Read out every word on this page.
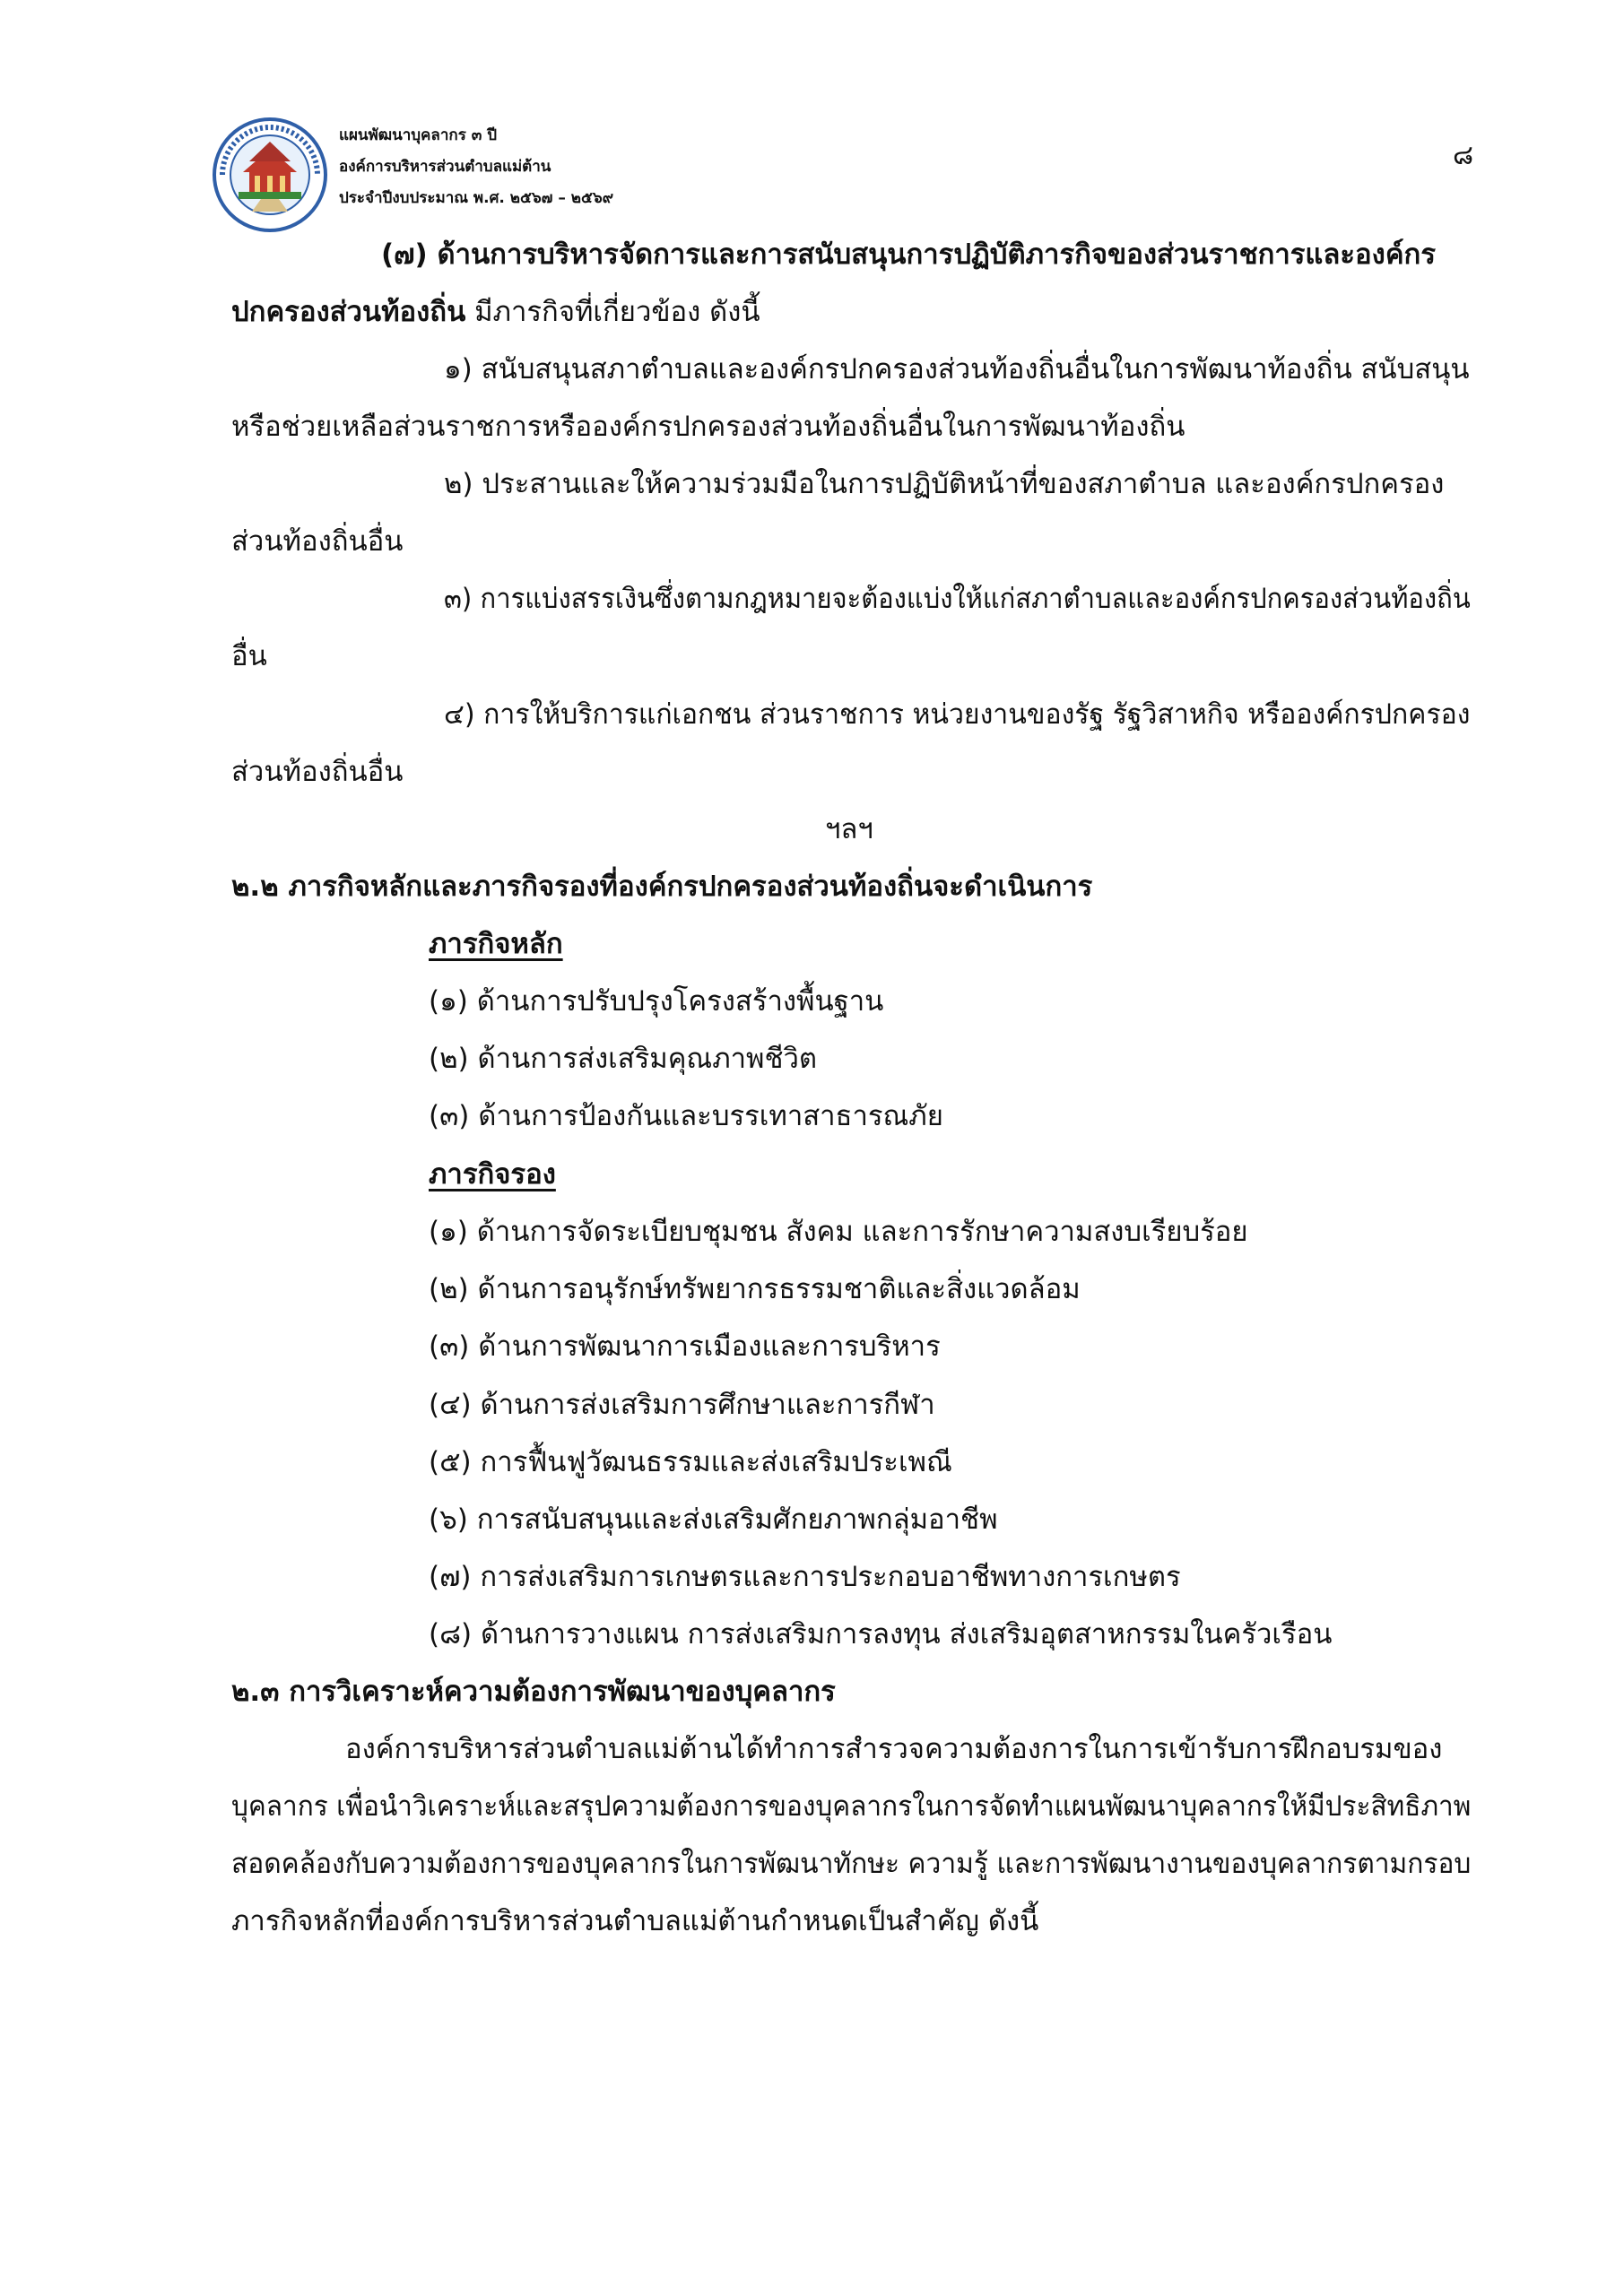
แผนพัฒนาบุคลากร ๓ ปี
องค์การบริหารส่วนตำบลแม่ต้าน
ประจำปีงบประมาณ พ.ศ. ๒๕๖๗ – ๒๕๖๙
๘
(๗) ด้านการบริหารจัดการและการสนับสนุนการปฏิบัติภารกิจของส่วนราชการและองค์กร
ปกครองส่วนท้องถิ่น มีภารกิจที่เกี่ยวข้อง ดังนี้
๑) สนับสนุนสภาตำบลและองค์กรปกครองส่วนท้องถิ่นอื่นในการพัฒนาท้องถิ่น สนับสนุน
หรือช่วยเหลือส่วนราชการหรือองค์กรปกครองส่วนท้องถิ่นอื่นในการพัฒนาท้องถิ่น
๒) ประสานและให้ความร่วมมือในการปฏิบัติหน้าที่ของสภาตำบล และองค์กรปกครอง
ส่วนท้องถิ่นอื่น
๓) การแบ่งสรรเงินซึ่งตามกฎหมายจะต้องแบ่งให้แก่สภาตำบลและองค์กรปกครองส่วนท้องถิ่น
อื่น
๔) การให้บริการแก่เอกชน ส่วนราชการ หน่วยงานของรัฐ รัฐวิสาหกิจ หรือองค์กรปกครอง
ส่วนท้องถิ่นอื่น
ฯลฯ
๒.๒ ภารกิจหลักและภารกิจรองที่องค์กรปกครองส่วนท้องถิ่นจะดำเนินการ
ภารกิจหลัก
(๑) ด้านการปรับปรุงโครงสร้างพื้นฐาน
(๒) ด้านการส่งเสริมคุณภาพชีวิต
(๓) ด้านการป้องกันและบรรเทาสาธารณภัย
ภารกิจรอง
(๑) ด้านการจัดระเบียบชุมชน สังคม และการรักษาความสงบเรียบร้อย
(๒) ด้านการอนุรักษ์ทรัพยากรธรรมชาติและสิ่งแวดล้อม
(๓) ด้านการพัฒนาการเมืองและการบริหาร
(๔) ด้านการส่งเสริมการศึกษาและการกีฬา
(๕) การฟื้นฟูวัฒนธรรมและส่งเสริมประเพณี
(๖) การสนับสนุนและส่งเสริมศักยภาพกลุ่มอาชีพ
(๗) การส่งเสริมการเกษตรและการประกอบอาชีพทางการเกษตร
(๘) ด้านการวางแผน การส่งเสริมการลงทุน ส่งเสริมอุตสาหกรรมในครัวเรือน
๒.๓ การวิเคราะห์ความต้องการพัฒนาของบุคลากร
องค์การบริหารส่วนตำบลแม่ต้านได้ทำการสำรวจความต้องการในการเข้ารับการฝึกอบรมของ
บุคลากร เพื่อนำวิเคราะห์และสรุปความต้องการของบุคลากรในการจัดทำแผนพัฒนาบุคลากรให้มีประสิทธิภาพ
สอดคล้องกับความต้องการของบุคลากรในการพัฒนาทักษะ ความรู้ และการพัฒนางานของบุคลากรตามกรอบ
ภารกิจหลักที่องค์การบริหารส่วนตำบลแม่ต้านกำหนดเป็นสำคัญ ดังนี้
